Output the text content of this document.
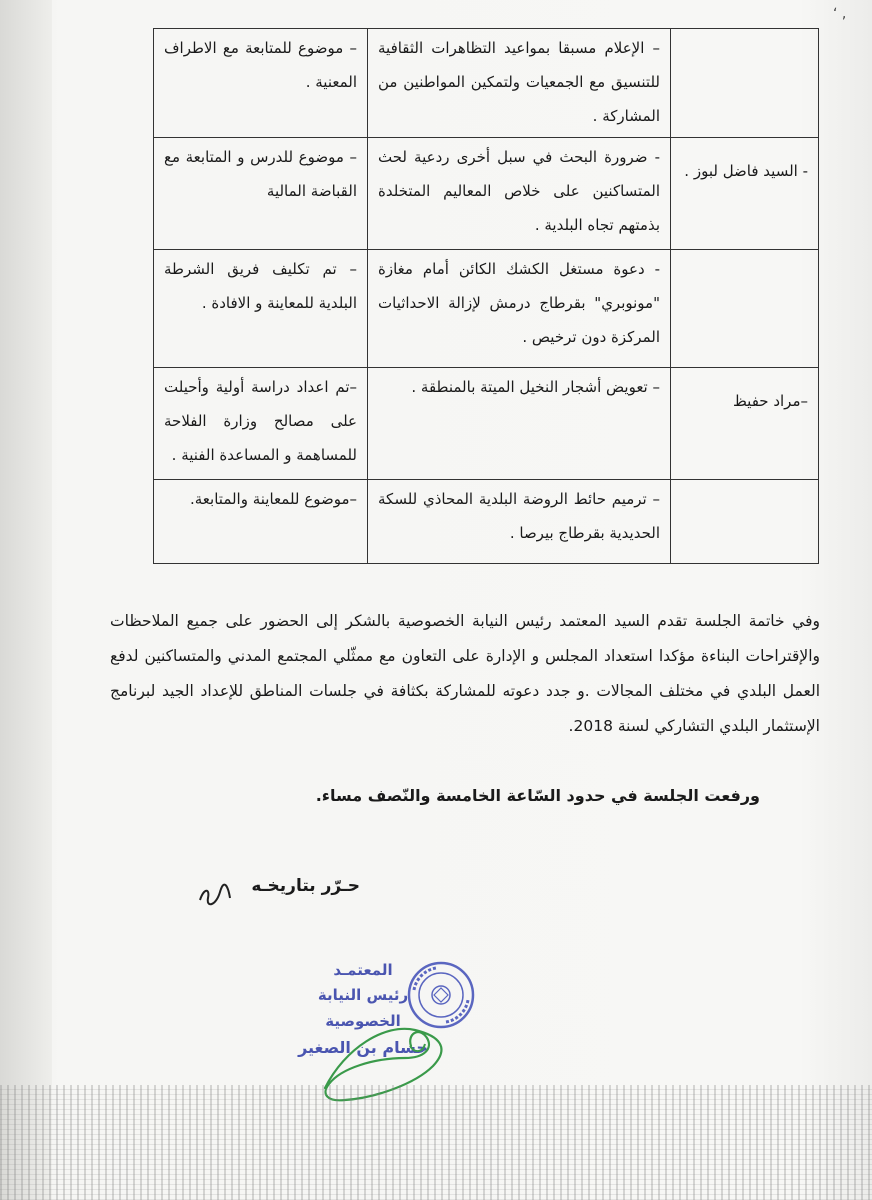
ʻ ,
	– الإعلام مسبقا بمواعيد التظاهرات الثقافية للتنسيق مع الجمعيات ولتمكين المواطنين من المشاركة .	– موضوع للمتابعة مع الاطراف المعنية .
- السيد فاضل لبوز .	- ضرورة البحث في سبل أخرى ردعية لحث المتساكنين على خلاص المعاليم المتخلدة بذمتهم تجاه البلدية .	– موضوع للدرس و المتابعة مع القباضة المالية
	- دعوة مستغل الكشك الكائن أمام مغازة "مونوبري" بقرطاج درمش لإزالة الاحداثيات المركزة دون ترخيص .	– تم تكليف فريق الشرطة البلدية للمعاينة و الافادة .
–مراد حفيظ	– تعويض أشجار النخيل الميتة بالمنطقة .	–تم اعداد دراسة أولية وأحيلت على مصالح وزارة الفلاحة للمساهمة و المساعدة الفنية .
	– ترميم حائط الروضة البلدية المحاذي للسكة الحديدية بقرطاج بيرصا .	–موضوع للمعاينة والمتابعة.
وفي خاتمة الجلسة تقدم السيد المعتمد رئيس النيابة الخصوصية بالشكر إلى الحضور على جميع الملاحظات والإقتراحات البناءة مؤكدا استعداد المجلس و الإدارة على التعاون مع ممثّلي المجتمع المدني والمتساكنين لدفع العمل البلدي في مختلف المجالات .و جدد دعوته للمشاركة بكثافة في جلسات المناطق للإعداد الجيد لبرنامج الإستثمار البلدي التشاركي لسنة 2018.
ورفعت الجلسة في حدود السّاعة الخامسة والنّصف مساء.
حـرّر بتاريخـه
المعتمـد
رئيس النيابة الخصوصية
حسام بن الصغير
